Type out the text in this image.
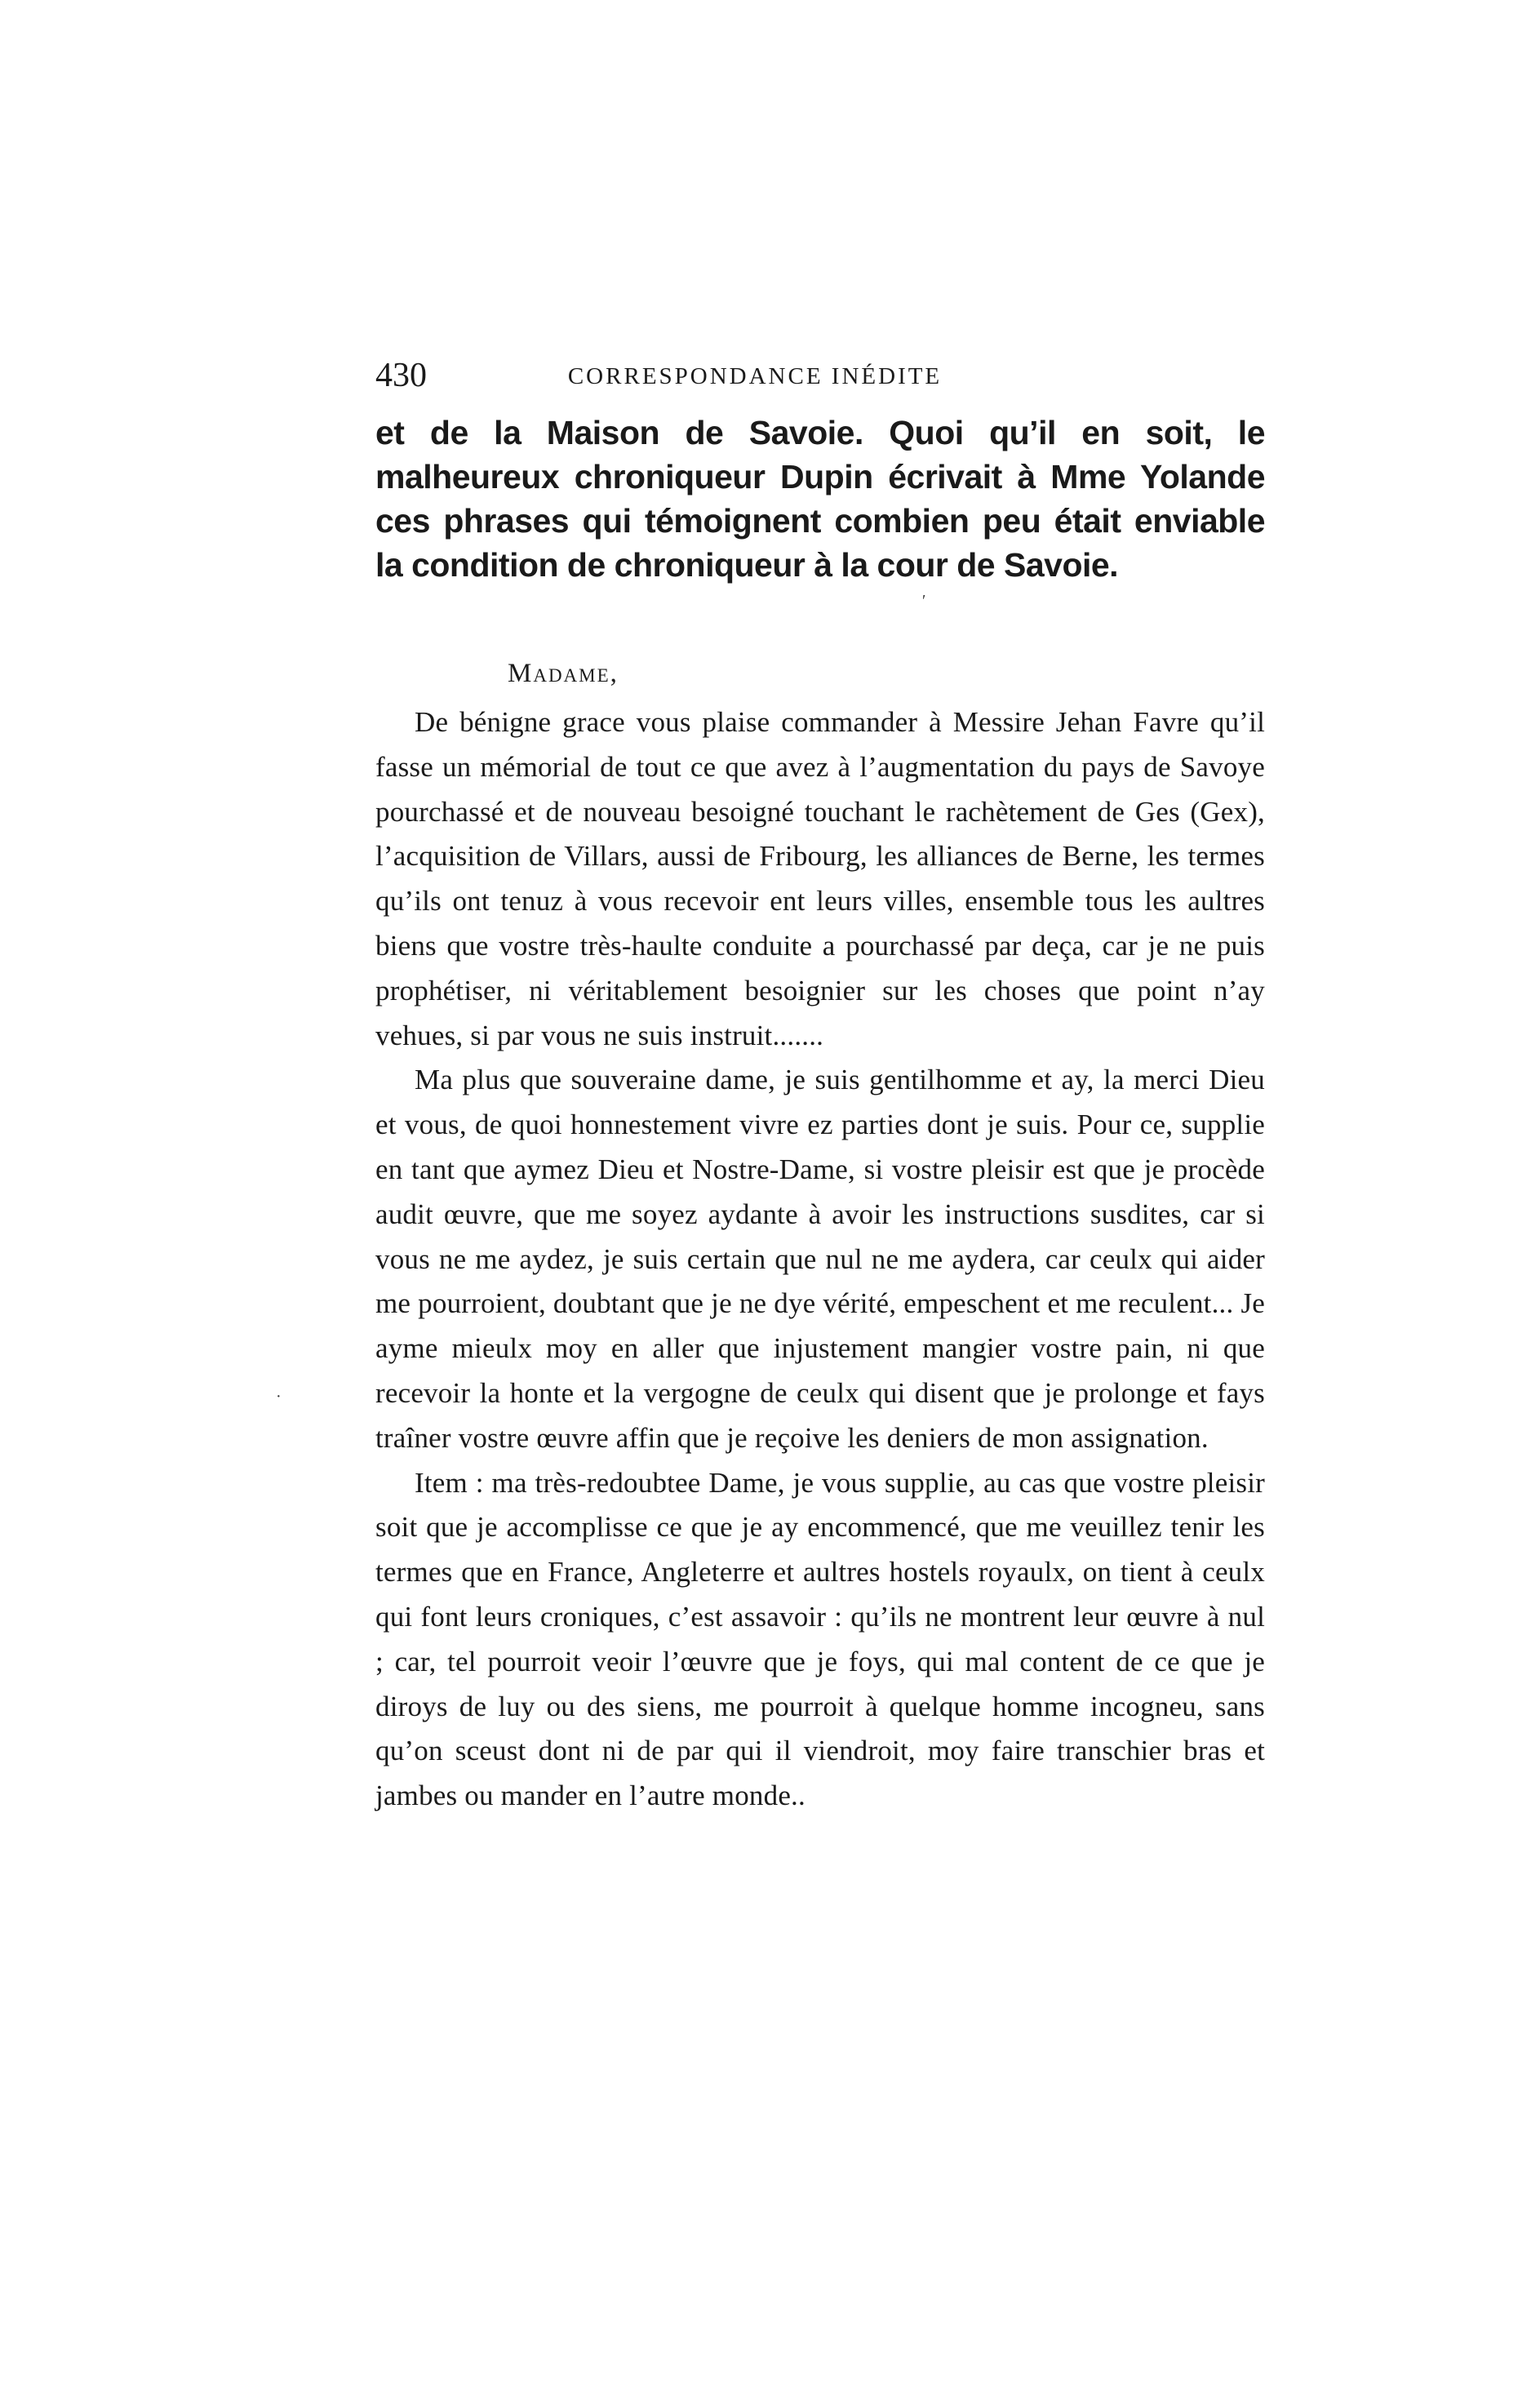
430	CORRESPONDANCE INÉDITE

et de la Maison de Savoie. Quoi qu’il en soit, le malheureux chroniqueur Dupin écrivait à Mme Yolande ces phrases qui témoignent combien peu était enviable la condition de chroniqueur à la cour de Savoie.

Madame,

De bénigne grace vous plaise commander à Messire Jehan Favre qu’il fasse un mémorial de tout ce que avez à l’augmentation du pays de Savoye pourchassé et de nouveau besoigné touchant le rachètement de Ges (Gex), l’acquisition de Villars, aussi de Fribourg, les alliances de Berne, les termes qu’ils ont tenuz à vous recevoir ent leurs villes, ensemble tous les aultres biens que vostre très-haulte conduite a pourchassé par deça, car je ne puis prophétiser, ni véritablement besoignier sur les choses que point n’ay vehues, si par vous ne suis instruit.......

Ma plus que souveraine dame, je suis gentilhomme et ay, la merci Dieu et vous, de quoi honnestement vivre ez parties dont je suis. Pour ce, supplie en tant que aymez Dieu et Nostre-Dame, si vostre pleisir est que je procède audit œuvre, que me soyez aydante à avoir les instructions susdites, car si vous ne me aydez, je suis certain que nul ne me aydera, car ceulx qui aider me pourroient, doubtant que je ne dye vérité, empeschent et me reculent... Je ayme mieulx moy en aller que injustement mangier vostre pain, ni que recevoir la honte et la vergogne de ceulx qui disent que je prolonge et fays traîner vostre œuvre affin que je reçoive les deniers de mon assignation.

Item : ma très-redoubtee Dame, je vous supplie, au cas que vostre pleisir soit que je accomplisse ce que je ay encommencé, que me veuillez tenir les termes que en France, Angleterre et aultres hostels royaulx, on tient à ceulx qui font leurs croniques, c’est assavoir : qu’ils ne montrent leur œuvre à nul ; car, tel pourroit veoir l’œuvre que je foys, qui mal content de ce que je diroys de luy ou des siens, me pourroit à quelque homme incogneu, sans qu’on sceust dont ni de par qui il viendroit, moy faire transchier bras et jambes ou mander en l’autre monde..

′
·
